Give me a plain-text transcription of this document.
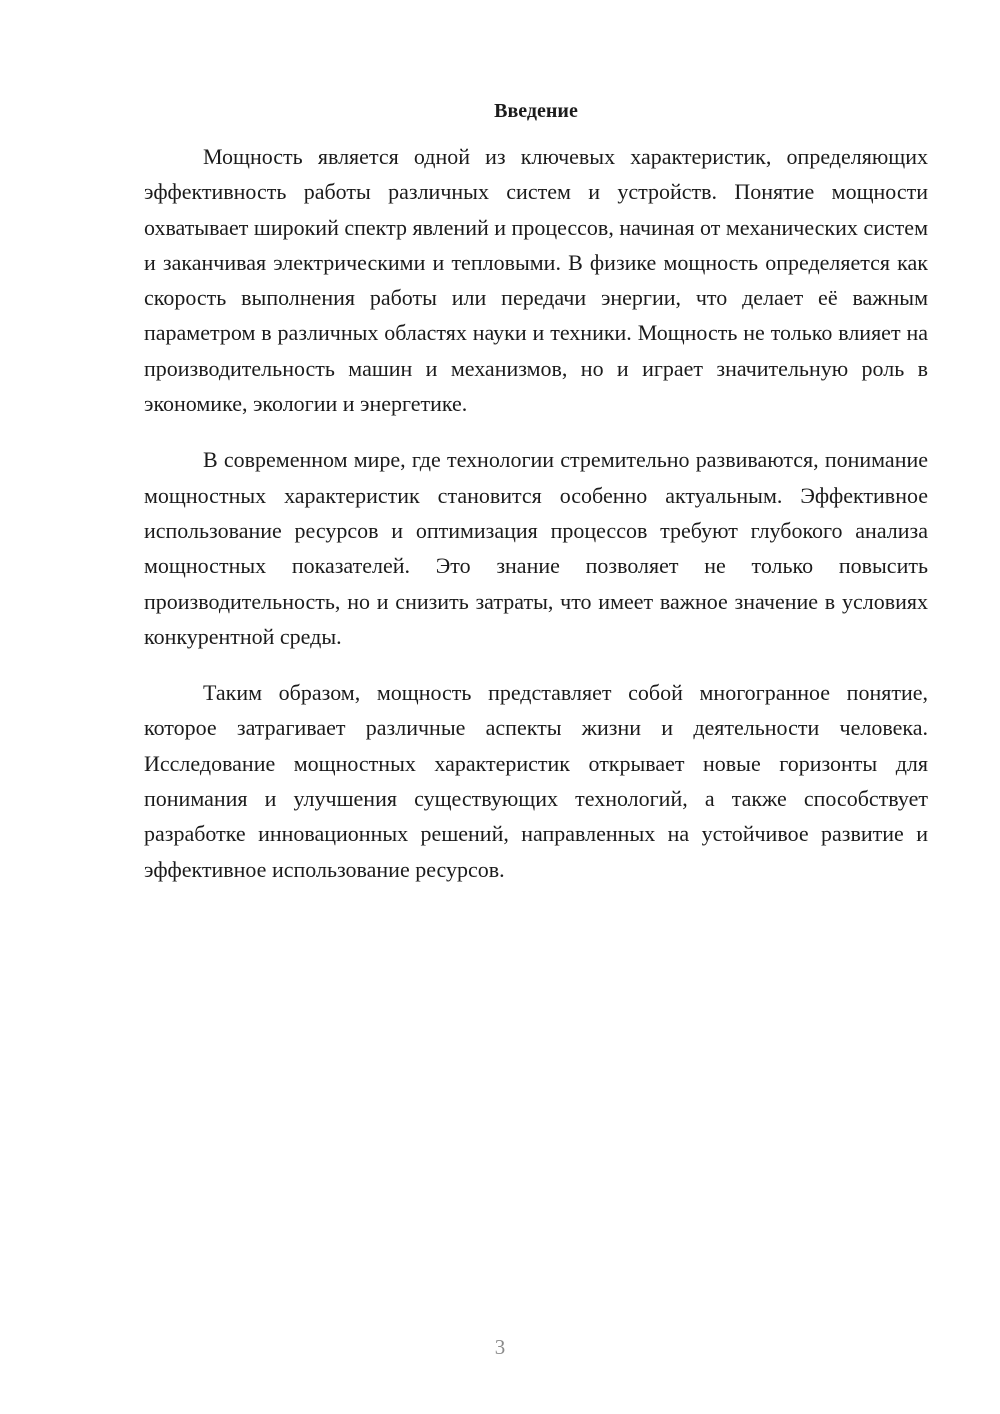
Введение

Мощность является одной из ключевых характеристик, определяющих эффективность работы различных систем и устройств. Понятие мощности охватывает широкий спектр явлений и процессов, начиная от механических систем и заканчивая электрическими и тепловыми. В физике мощность определяется как скорость выполнения работы или передачи энергии, что делает её важным параметром в различных областях науки и техники. Мощность не только влияет на производительность машин и механизмов, но и играет значительную роль в экономике, экологии и энергетике.

В современном мире, где технологии стремительно развиваются, понимание мощностных характеристик становится особенно актуальным. Эффективное использование ресурсов и оптимизация процессов требуют глубокого анализа мощностных показателей. Это знание позволяет не только повысить производительность, но и снизить затраты, что имеет важное значение в условиях конкурентной среды.

Таким образом, мощность представляет собой многогранное понятие, которое затрагивает различные аспекты жизни и деятельности человека. Исследование мощностных характеристик открывает новые горизонты для понимания и улучшения существующих технологий, а также способствует разработке инновационных решений, направленных на устойчивое развитие и эффективное использование ресурсов.

3
